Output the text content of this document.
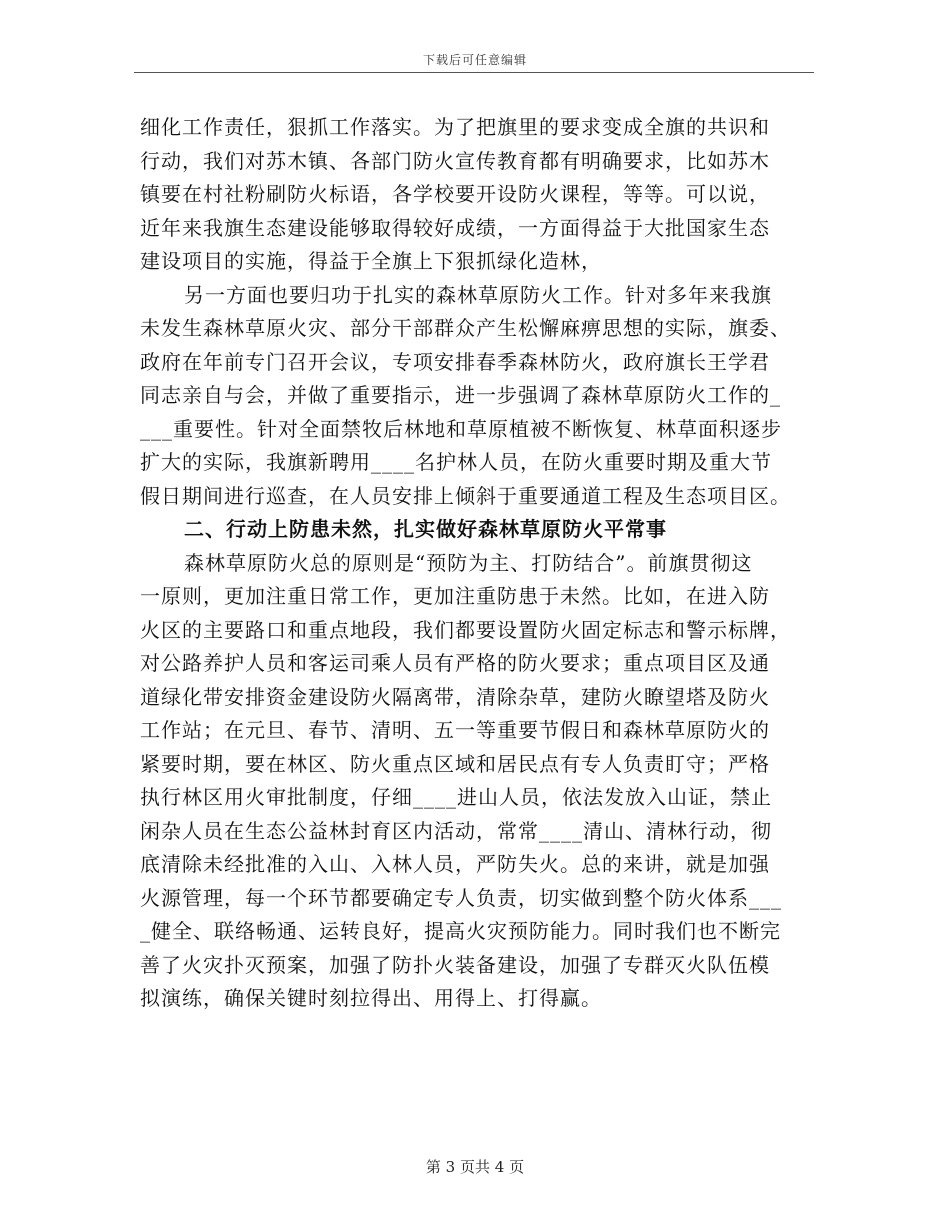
下载后可任意编辑
细化工作责任，狠抓工作落实。为了把旗里的要求变成全旗的共识和
行动，我们对苏木镇、各部门防火宣传教育都有明确要求，比如苏木
镇要在村社粉刷防火标语，各学校要开设防火课程，等等。可以说，
近年来我旗生态建设能够取得较好成绩，一方面得益于大批国家生态
建设项目的实施，得益于全旗上下狠抓绿化造林，
另一方面也要归功于扎实的森林草原防火工作。针对多年来我旗
未发生森林草原火灾、部分干部群众产生松懈麻痹思想的实际，旗委、
政府在年前专门召开会议，专项安排春季森林防火，政府旗长王学君
同志亲自与会，并做了重要指示，进一步强调了森林草原防火工作的_
___重要性。针对全面禁牧后林地和草原植被不断恢复、林草面积逐步
扩大的实际，我旗新聘用____名护林人员，在防火重要时期及重大节
假日期间进行巡查，在人员安排上倾斜于重要通道工程及生态项目区。
二、行动上防患未然，扎实做好森林草原防火平常事
森林草原防火总的原则是“预防为主、打防结合”。前旗贯彻这
一原则，更加注重日常工作，更加注重防患于未然。比如，在进入防
火区的主要路口和重点地段，我们都要设置防火固定标志和警示标牌，
对公路养护人员和客运司乘人员有严格的防火要求；重点项目区及通
道绿化带安排资金建设防火隔离带，清除杂草，建防火瞭望塔及防火
工作站；在元旦、春节、清明、五一等重要节假日和森林草原防火的
紧要时期，要在林区、防火重点区域和居民点有专人负责盯守；严格
执行林区用火审批制度，仔细____进山人员，依法发放入山证，禁止
闲杂人员在生态公益林封育区内活动，常常____清山、清林行动，彻
底清除未经批准的入山、入林人员，严防失火。总的来讲，就是加强
火源管理，每一个环节都要确定专人负责，切实做到整个防火体系___
_健全、联络畅通、运转良好，提高火灾预防能力。同时我们也不断完
善了火灾扑灭预案，加强了防扑火装备建设，加强了专群灭火队伍模
拟演练，确保关键时刻拉得出、用得上、打得赢。
第 3 页共 4 页
